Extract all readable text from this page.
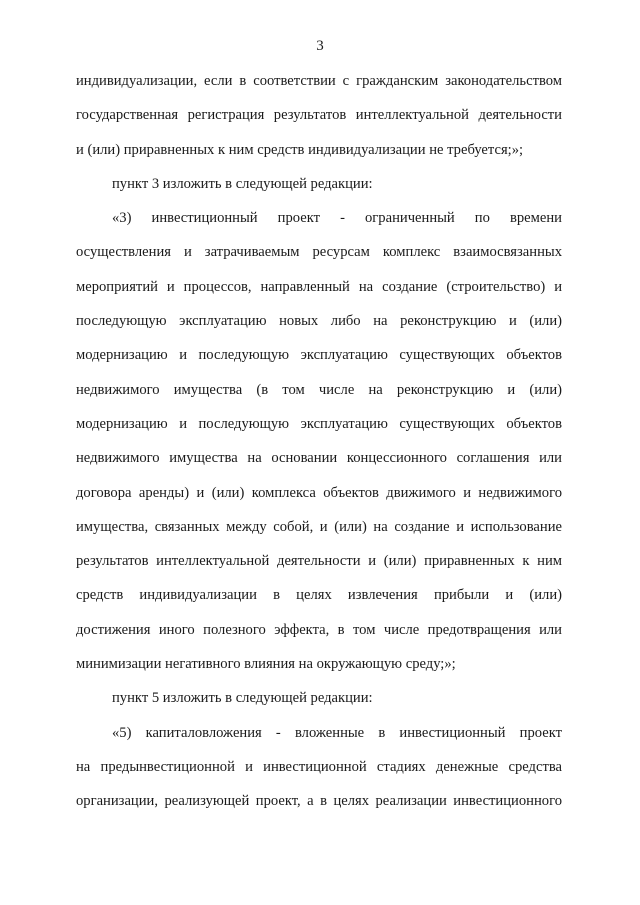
3
индивидуализации, если в соответствии с гражданским законодательством
государственная регистрация результатов интеллектуальной деятельности
и (или) приравненных к ним средств индивидуализации не требуется;»;
пункт 3 изложить в следующей редакции:
«3) инвестиционный проект - ограниченный по времени
осуществления и затрачиваемым ресурсам комплекс взаимосвязанных
мероприятий и процессов, направленный на создание (строительство) и
последующую эксплуатацию новых либо на реконструкцию и (или)
модернизацию и последующую эксплуатацию существующих объектов
недвижимого имущества (в том числе на реконструкцию и (или)
модернизацию и последующую эксплуатацию существующих объектов
недвижимого имущества на основании концессионного соглашения или
договора аренды) и (или) комплекса объектов движимого и недвижимого
имущества, связанных между собой, и (или) на создание и использование
результатов интеллектуальной деятельности и (или) приравненных к ним
средств индивидуализации в целях извлечения прибыли и (или)
достижения иного полезного эффекта, в том числе предотвращения или
минимизации негативного влияния на окружающую среду;»;
пункт 5 изложить в следующей редакции:
«5) капиталовложения - вложенные в инвестиционный проект
на предынвестиционной и инвестиционной стадиях денежные средства
организации, реализующей проект, а в целях реализации инвестиционного
